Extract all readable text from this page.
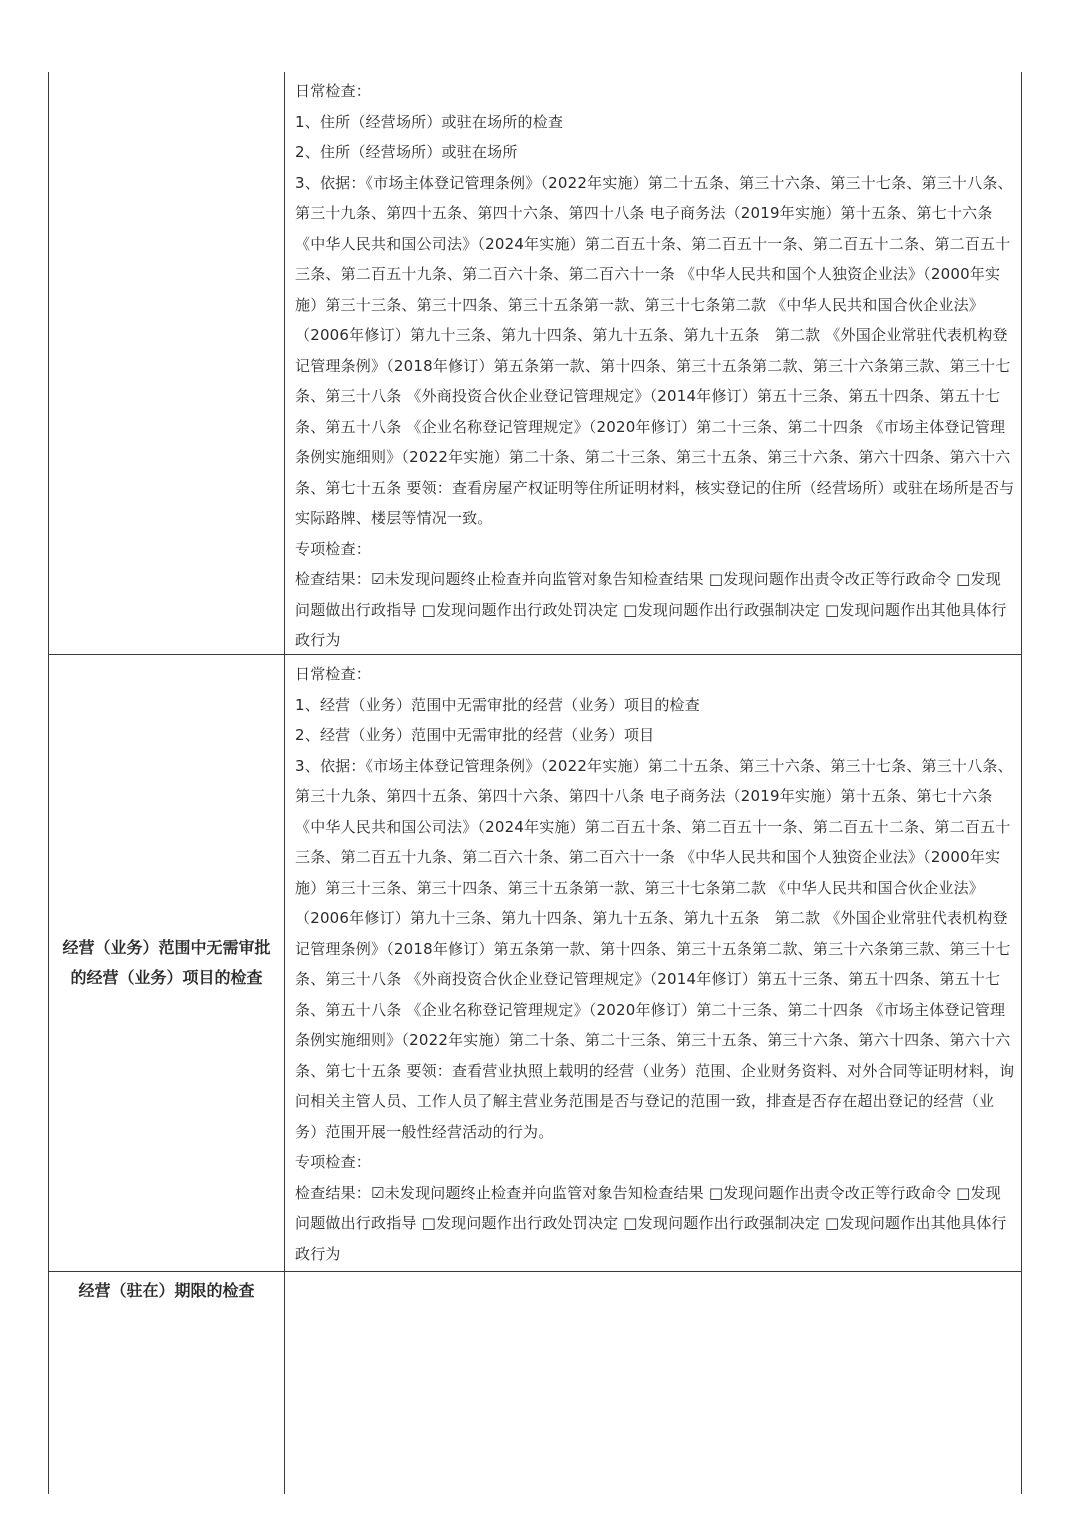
日常检查：

1、住所（经营场所）或驻在场所的检查

2、住所（经营场所）或驻在场所

3、依据：《市场主体登记管理条例》（2022年实施）第二十五条、第三十六条、第三十七条、第三十八条、第三十九条、第四十五条、第四十六条、第四十八条 电子商务法（2019年实施）第十五条、第七十六条 《中华人民共和国公司法》（2024年实施）第二百五十条、第二百五十一条、第二百五十二条、第二百五十三条、第二百五十九条、第二百六十条、第二百六十一条 《中华人民共和国个人独资企业法》（2000年实施）第三十三条、第三十四条、第三十五条第一款、第三十七条第二款 《中华人民共和国合伙企业法》（2006年修订）第九十三条、第九十四条、第九十五条、第九十五条　第二款 《外国企业常驻代表机构登记管理条例》（2018年修订）第五条第一款、第十四条、第三十五条第二款、第三十六条第三款、第三十七条、第三十八条 《外商投资合伙企业登记管理规定》（2014年修订）第五十三条、第五十四条、第五十七条、第五十八条 《企业名称登记管理规定》（2020年修订）第二十三条、第二十四条 《市场主体登记管理条例实施细则》（2022年实施）第二十条、第二十三条、第三十五条、第三十六条、第六十四条、第六十六条、第七十五条 要领：查看房屋产权证明等住所证明材料，核实登记的住所（经营场所）或驻在场所是否与实际路牌、楼层等情况一致。

专项检查：

检查结果：☑未发现问题终止检查并向监管对象告知检查结果 □发现问题作出责令改正等行政命令 □发现问题做出行政指导 □发现问题作出行政处罚决定 □发现问题作出行政强制决定 □发现问题作出其他具体行政行为

经营（业务）范围中无需审批的经营（业务）项目的检查

日常检查：

1、经营（业务）范围中无需审批的经营（业务）项目的检查

2、经营（业务）范围中无需审批的经营（业务）项目

3、依据：《市场主体登记管理条例》（2022年实施）第二十五条、第三十六条、第三十七条、第三十八条、第三十九条、第四十五条、第四十六条、第四十八条 电子商务法（2019年实施）第十五条、第七十六条 《中华人民共和国公司法》（2024年实施）第二百五十条、第二百五十一条、第二百五十二条、第二百五十三条、第二百五十九条、第二百六十条、第二百六十一条 《中华人民共和国个人独资企业法》（2000年实施）第三十三条、第三十四条、第三十五条第一款、第三十七条第二款 《中华人民共和国合伙企业法》（2006年修订）第九十三条、第九十四条、第九十五条、第九十五条　第二款 《外国企业常驻代表机构登记管理条例》（2018年修订）第五条第一款、第十四条、第三十五条第二款、第三十六条第三款、第三十七条、第三十八条 《外商投资合伙企业登记管理规定》（2014年修订）第五十三条、第五十四条、第五十七条、第五十八条 《企业名称登记管理规定》（2020年修订）第二十三条、第二十四条 《市场主体登记管理条例实施细则》（2022年实施）第二十条、第二十三条、第三十五条、第三十六条、第六十四条、第六十六条、第七十五条 要领：查看营业执照上载明的经营（业务）范围、企业财务资料、对外合同等证明材料，询问相关主管人员、工作人员了解主营业务范围是否与登记的范围一致，排查是否存在超出登记的经营（业务）范围开展一般性经营活动的行为。

专项检查：

检查结果：☑未发现问题终止检查并向监管对象告知检查结果 □发现问题作出责令改正等行政命令 □发现问题做出行政指导 □发现问题作出行政处罚决定 □发现问题作出行政强制决定 □发现问题作出其他具体行政行为

经营（驻在）期限的检查
